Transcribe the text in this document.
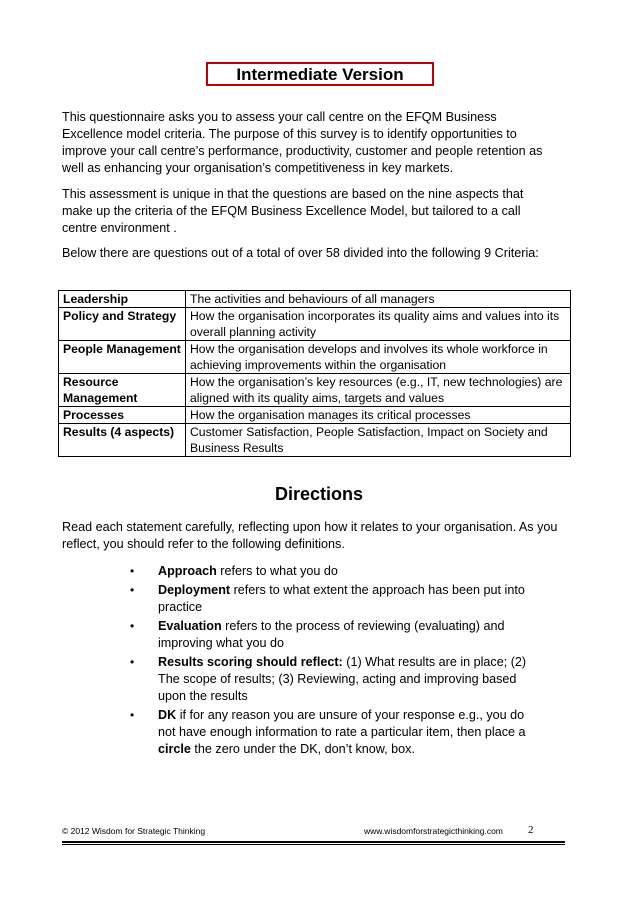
Intermediate Version

This questionnaire asks you to assess your call centre on the EFQM Business Excellence model criteria. The purpose of this survey is to identify opportunities to improve your call centre’s performance, productivity, customer and people retention as well as enhancing your organisation’s competitiveness in key markets.

This assessment is unique in that the questions are based on the nine aspects that make up the criteria of the EFQM Business Excellence Model, but tailored to a call centre environment .

Below there are questions out of a total of over 58 divided into the following 9 Criteria:

Leadership	The activities and behaviours of all managers
Policy and Strategy	How the organisation incorporates its quality aims and values into its overall planning activity
People Management	How the organisation develops and involves its whole workforce in achieving improvements within the organisation
Resource Management	How the organisation’s key resources (e.g., IT, new technologies) are aligned with its quality aims, targets and values
Processes	How the organisation manages its critical processes
Results (4 aspects)	Customer Satisfaction, People Satisfaction, Impact on Society and Business Results
Directions

Read each statement carefully, reflecting upon how it relates to your organisation. As you reflect, you should refer to the following definitions.

• Approach refers to what you do
• Deployment refers to what extent the approach has been put into practice
• Evaluation refers to the process of reviewing (evaluating) and improving what you do
• Results scoring should reflect: (1) What results are in place; (2) The scope of results; (3) Reviewing, acting and improving based upon the results
• DK if for any reason you are unsure of your response e.g., you do not have enough information to rate a particular item, then place a circle the zero under the DK, don’t know, box.
© 2012 Wisdom for Strategic Thinking	www.wisdomforstrategicthinking.com 2
